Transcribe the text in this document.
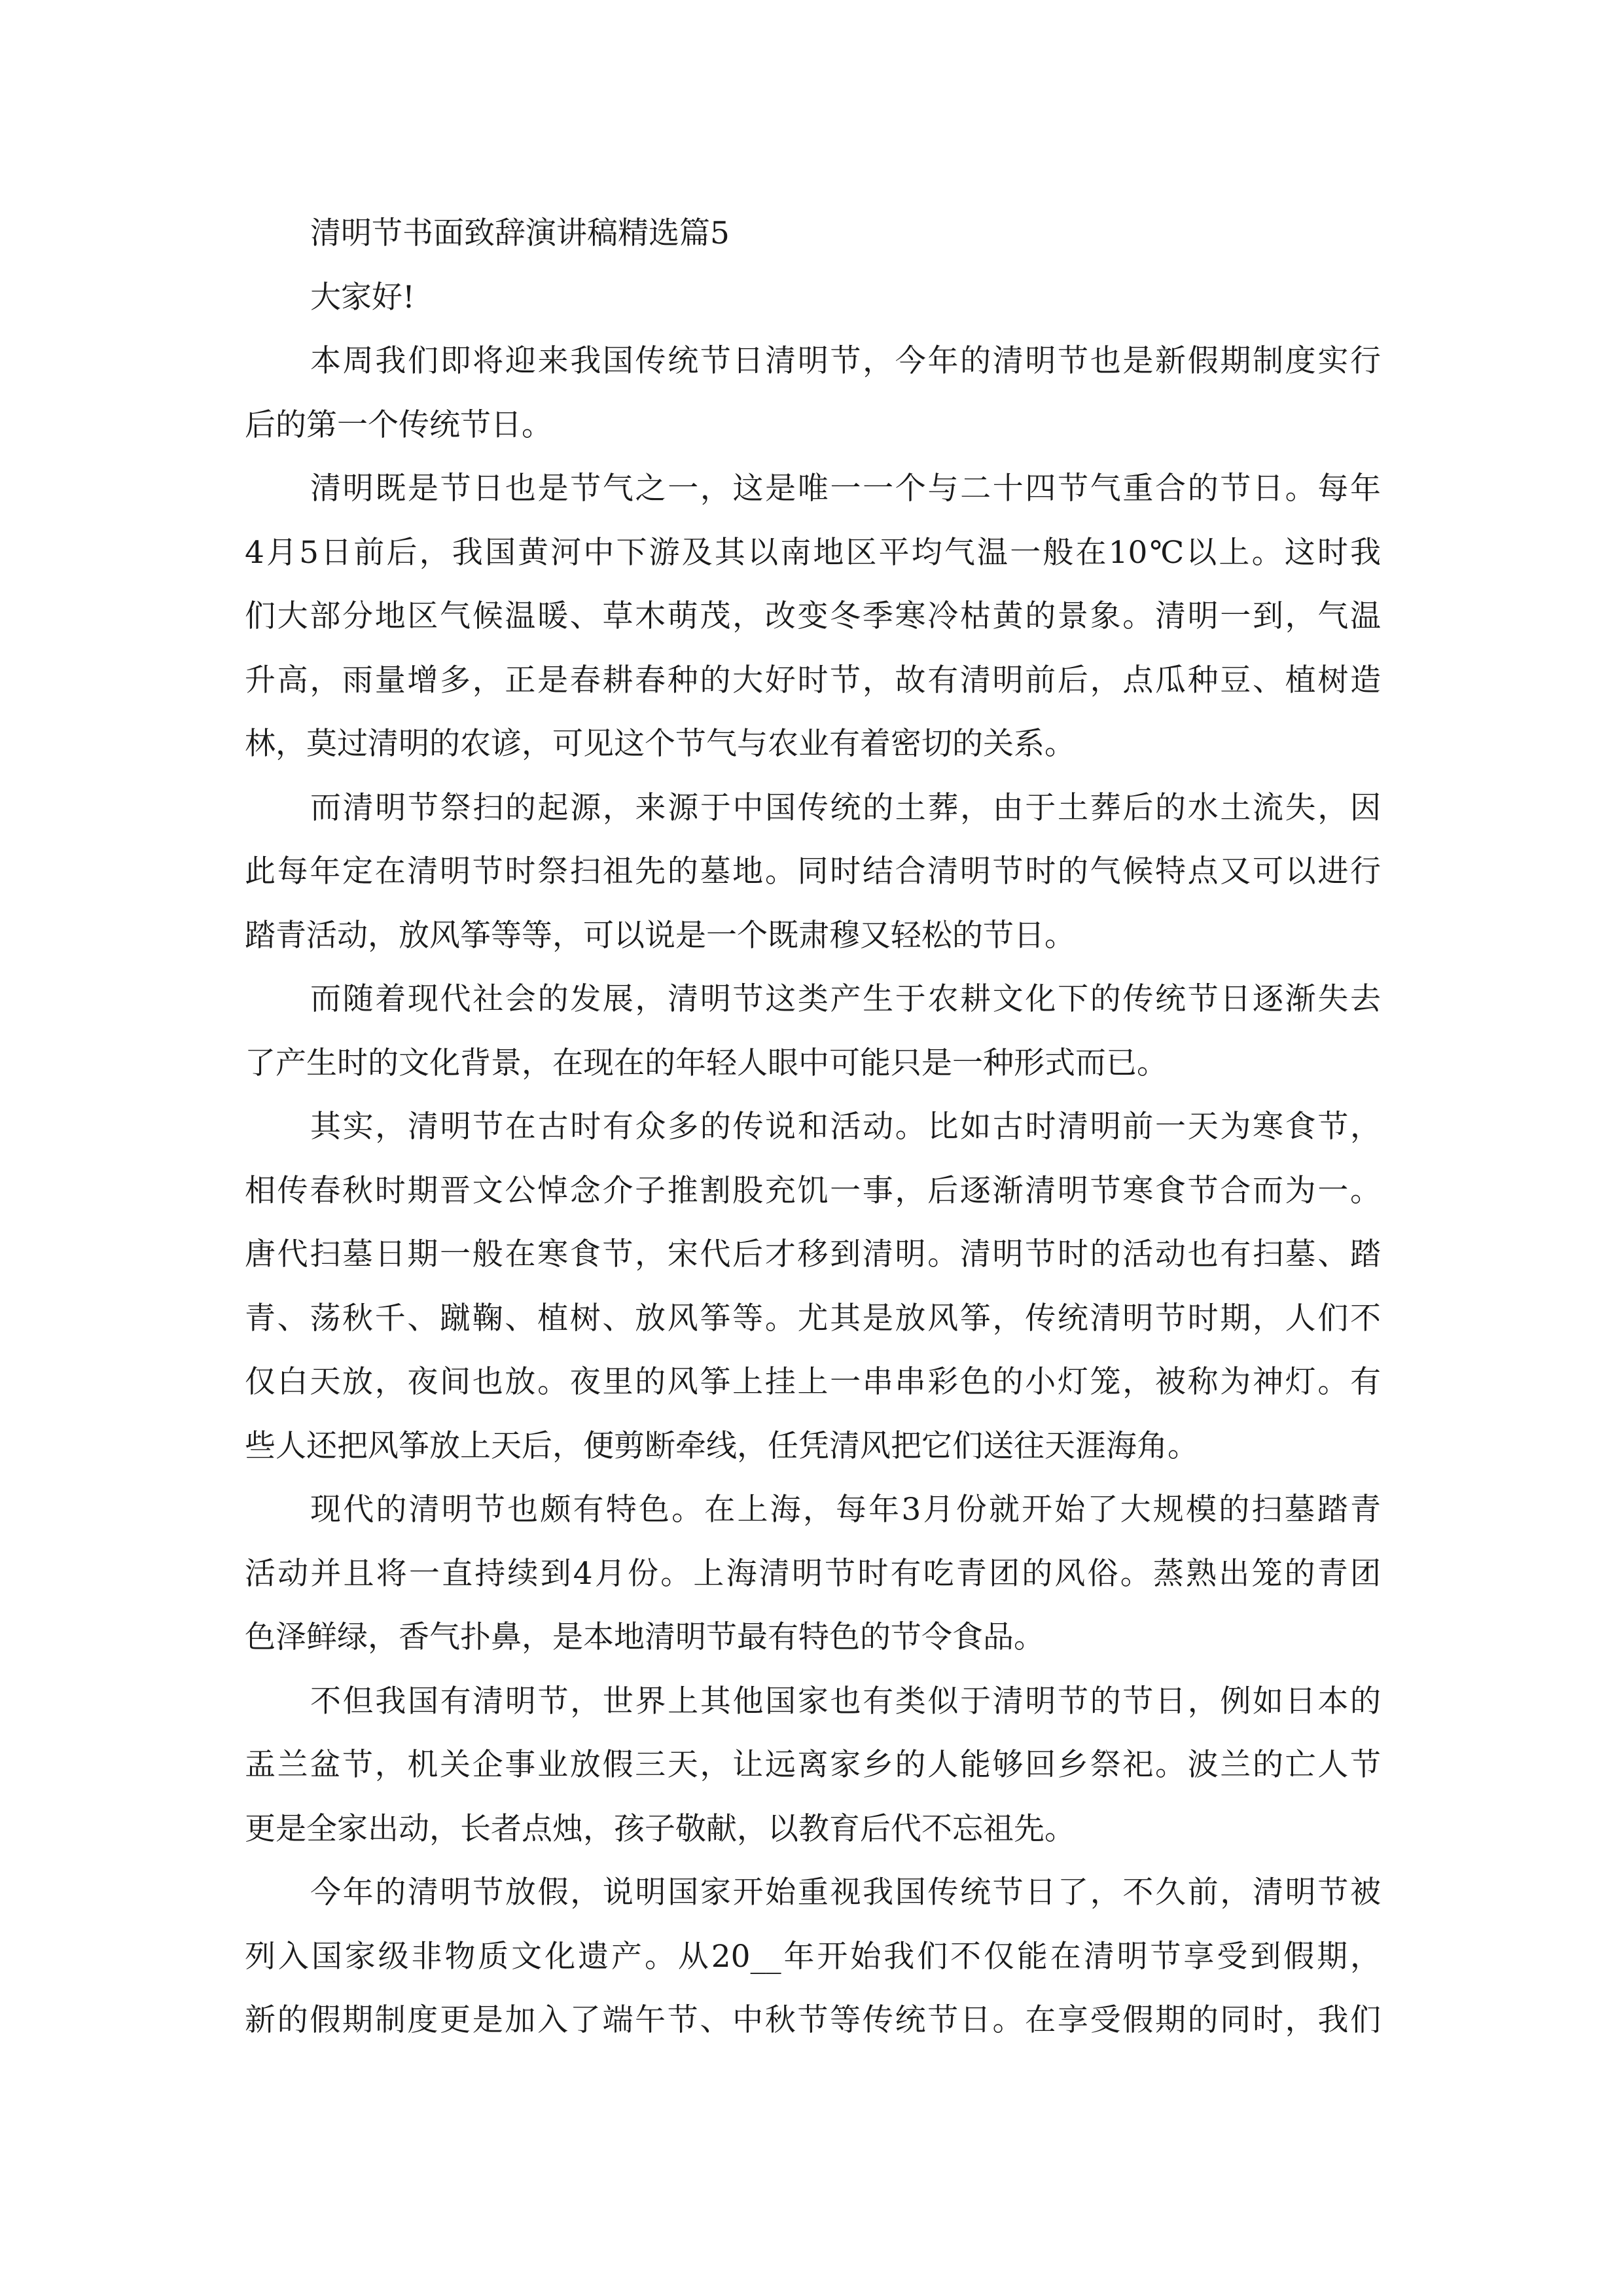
清明节书面致辞演讲稿精选篇5
大家好!
本周我们即将迎来我国传统节日清明节，今年的清明节也是新假期制度实行
后的第一个传统节日。
清明既是节日也是节气之一，这是唯一一个与二十四节气重合的节日。每年
4月5日前后，我国黄河中下游及其以南地区平均气温一般在10℃以上。这时我
们大部分地区气候温暖、草木萌茂，改变冬季寒冷枯黄的景象。清明一到，气温
升高，雨量增多，正是春耕春种的大好时节，故有清明前后，点瓜种豆、植树造
林，莫过清明的农谚，可见这个节气与农业有着密切的关系。
而清明节祭扫的起源，来源于中国传统的土葬，由于土葬后的水土流失，因
此每年定在清明节时祭扫祖先的墓地。同时结合清明节时的气候特点又可以进行
踏青活动，放风筝等等，可以说是一个既肃穆又轻松的节日。
而随着现代社会的发展，清明节这类产生于农耕文化下的传统节日逐渐失去
了产生时的文化背景，在现在的年轻人眼中可能只是一种形式而已。
其实，清明节在古时有众多的传说和活动。比如古时清明前一天为寒食节，
相传春秋时期晋文公悼念介子推割股充饥一事，后逐渐清明节寒食节合而为一。
唐代扫墓日期一般在寒食节，宋代后才移到清明。清明节时的活动也有扫墓、踏
青、荡秋千、蹴鞠、植树、放风筝等。尤其是放风筝，传统清明节时期，人们不
仅白天放，夜间也放。夜里的风筝上挂上一串串彩色的小灯笼，被称为神灯。有
些人还把风筝放上天后，便剪断牵线，任凭清风把它们送往天涯海角。
现代的清明节也颇有特色。在上海，每年3月份就开始了大规模的扫墓踏青
活动并且将一直持续到4月份。上海清明节时有吃青团的风俗。蒸熟出笼的青团
色泽鲜绿，香气扑鼻，是本地清明节最有特色的节令食品。
不但我国有清明节，世界上其他国家也有类似于清明节的节日，例如日本的
盂兰盆节，机关企事业放假三天，让远离家乡的人能够回乡祭祀。波兰的亡人节
更是全家出动，长者点烛，孩子敬献，以教育后代不忘祖先。
今年的清明节放假，说明国家开始重视我国传统节日了，不久前，清明节被
列入国家级非物质文化遗产。从20__年开始我们不仅能在清明节享受到假期，
新的假期制度更是加入了端午节、中秋节等传统节日。在享受假期的同时，我们
